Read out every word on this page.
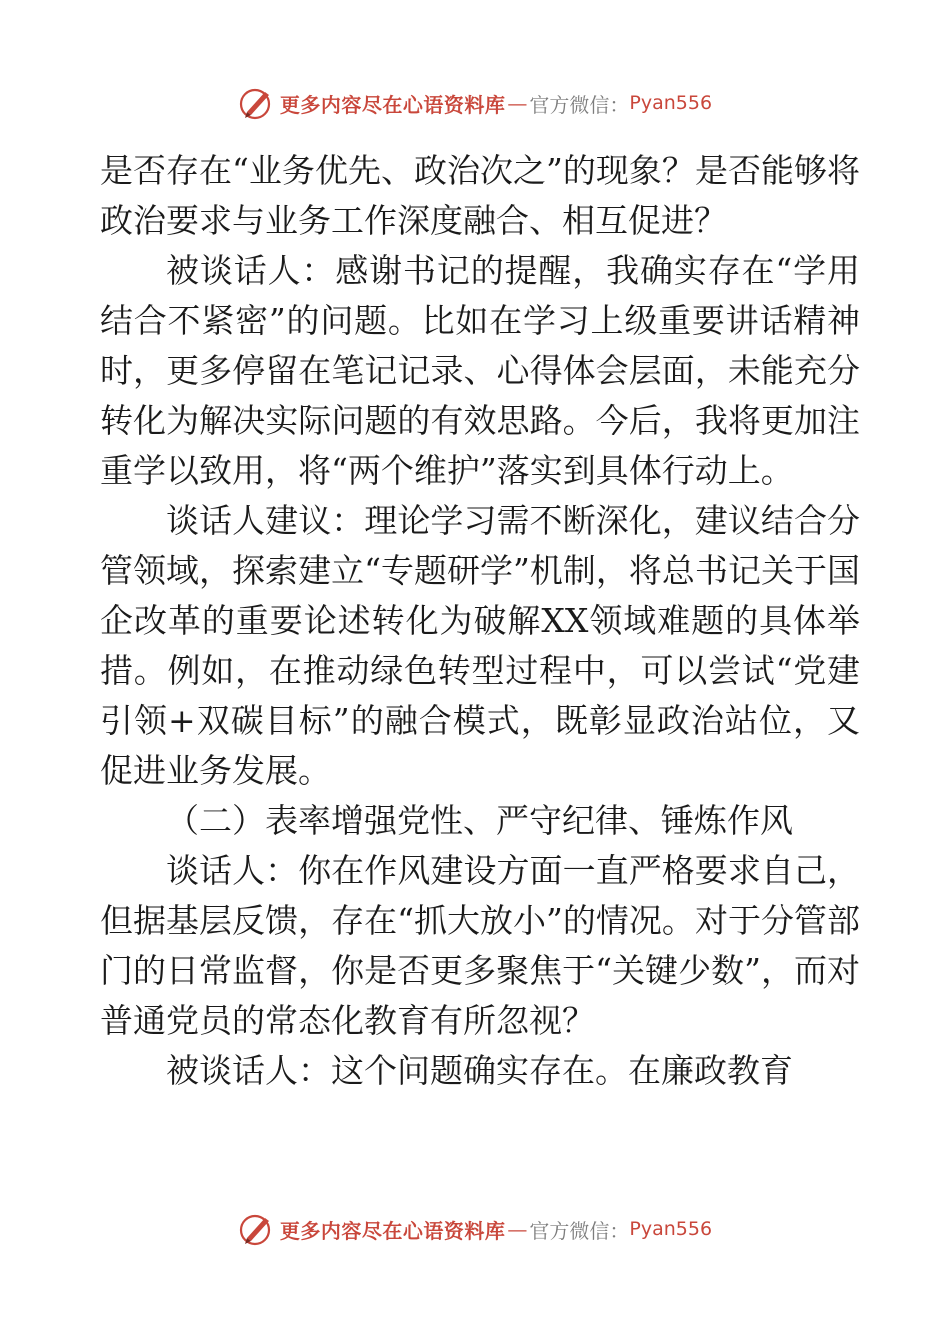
更多内容尽在心语资料库 — 官方微信： Pyan556

是否存在“业务优先、政治次之”的现象？是否能够将政治要求与业务工作深度融合、相互促进？

被谈话人：感谢书记的提醒，我确实存在“学用结合不紧密”的问题。比如在学习上级重要讲话精神时，更多停留在笔记记录、心得体会层面，未能充分转化为解决实际问题的有效思路。今后，我将更加注重学以致用，将“两个维护”落实到具体行动上。

谈话人建议：理论学习需不断深化，建议结合分管领域，探索建立“专题研学”机制，将总书记关于国企改革的重要论述转化为破解XX领域难题的具体举措。例如，在推动绿色转型过程中，可以尝试“党建引领+双碳目标”的融合模式，既彰显政治站位，又促进业务发展。

（二）表率增强党性、严守纪律、锤炼作风

谈话人：你在作风建设方面一直严格要求自己，但据基层反馈，存在“抓大放小”的情况。对于分管部门的日常监督，你是否更多聚焦于“关键少数”，而对普通党员的常态化教育有所忽视？

被谈话人：这个问题确实存在。在廉政教育

更多内容尽在心语资料库 — 官方微信： Pyan556
